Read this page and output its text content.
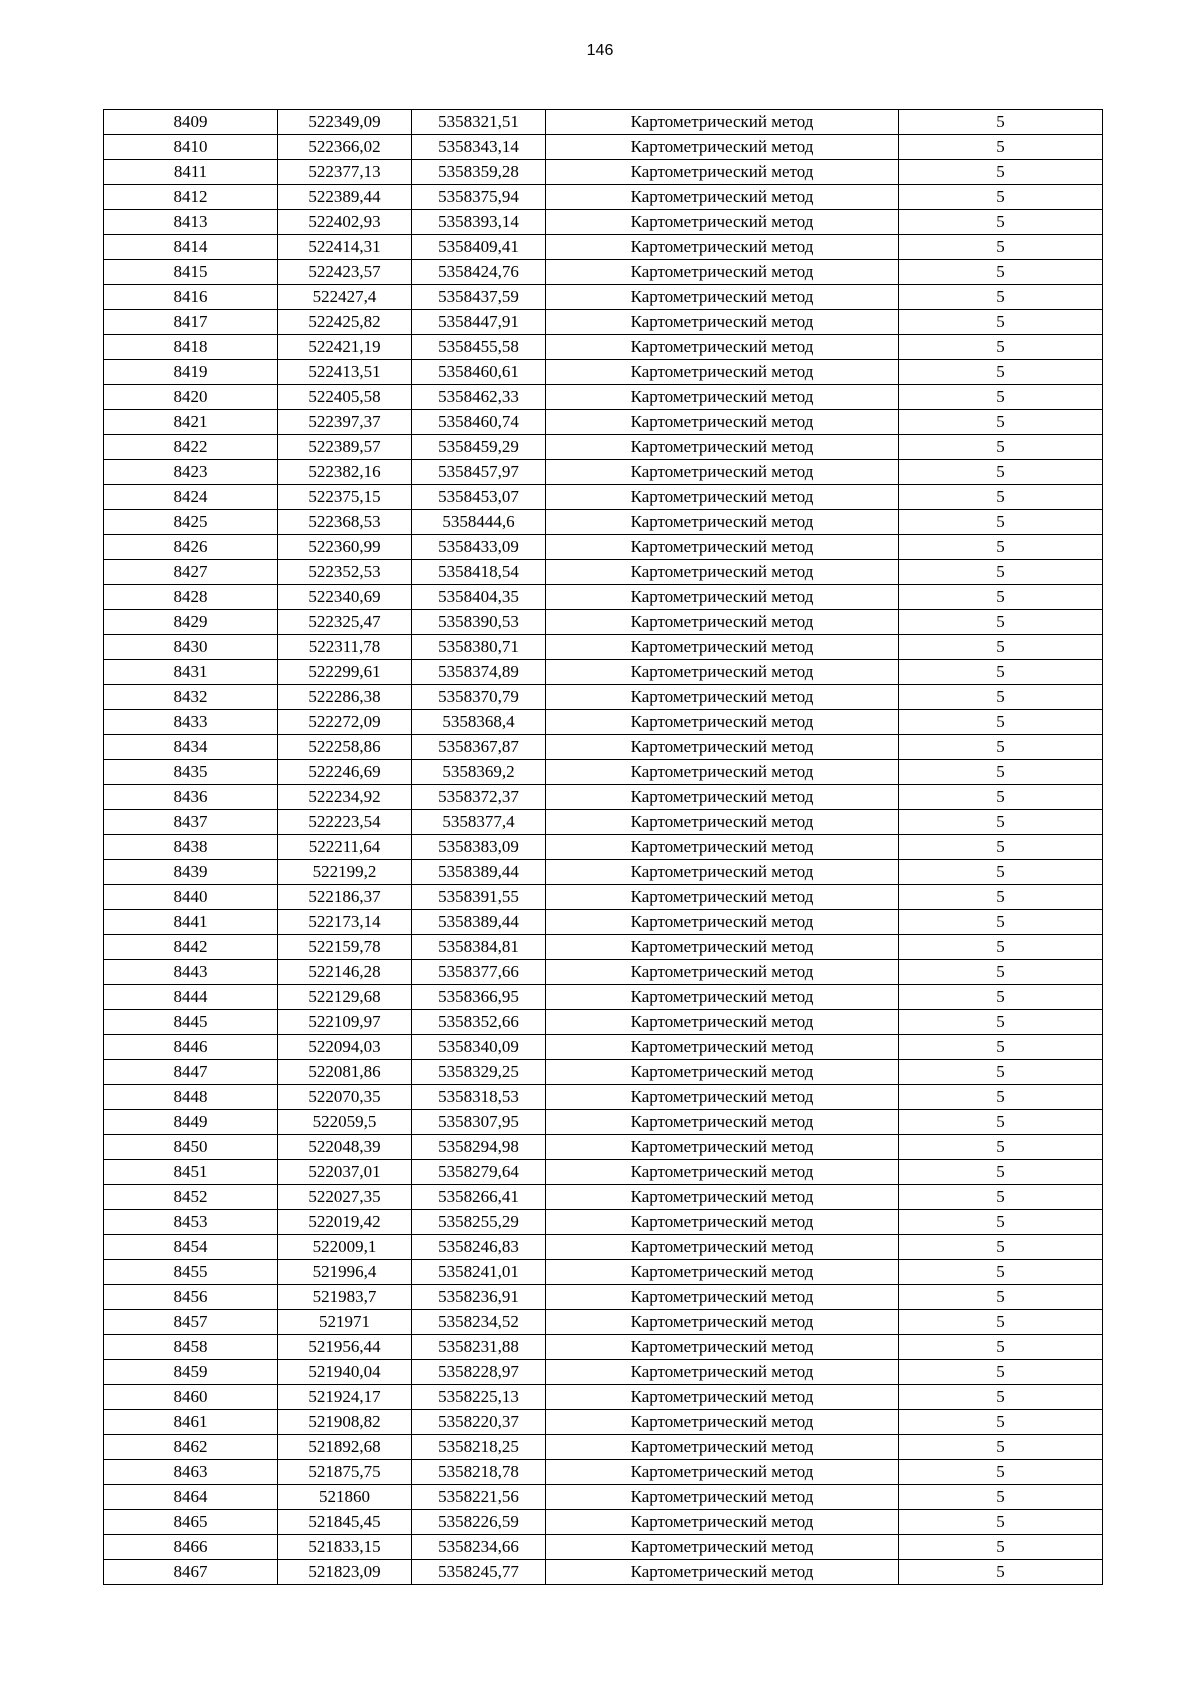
146
8409	522349,09	5358321,51	Картометрический метод	5
8410	522366,02	5358343,14	Картометрический метод	5
8411	522377,13	5358359,28	Картометрический метод	5
8412	522389,44	5358375,94	Картометрический метод	5
8413	522402,93	5358393,14	Картометрический метод	5
8414	522414,31	5358409,41	Картометрический метод	5
8415	522423,57	5358424,76	Картометрический метод	5
8416	522427,4	5358437,59	Картометрический метод	5
8417	522425,82	5358447,91	Картометрический метод	5
8418	522421,19	5358455,58	Картометрический метод	5
8419	522413,51	5358460,61	Картометрический метод	5
8420	522405,58	5358462,33	Картометрический метод	5
8421	522397,37	5358460,74	Картометрический метод	5
8422	522389,57	5358459,29	Картометрический метод	5
8423	522382,16	5358457,97	Картометрический метод	5
8424	522375,15	5358453,07	Картометрический метод	5
8425	522368,53	5358444,6	Картометрический метод	5
8426	522360,99	5358433,09	Картометрический метод	5
8427	522352,53	5358418,54	Картометрический метод	5
8428	522340,69	5358404,35	Картометрический метод	5
8429	522325,47	5358390,53	Картометрический метод	5
8430	522311,78	5358380,71	Картометрический метод	5
8431	522299,61	5358374,89	Картометрический метод	5
8432	522286,38	5358370,79	Картометрический метод	5
8433	522272,09	5358368,4	Картометрический метод	5
8434	522258,86	5358367,87	Картометрический метод	5
8435	522246,69	5358369,2	Картометрический метод	5
8436	522234,92	5358372,37	Картометрический метод	5
8437	522223,54	5358377,4	Картометрический метод	5
8438	522211,64	5358383,09	Картометрический метод	5
8439	522199,2	5358389,44	Картометрический метод	5
8440	522186,37	5358391,55	Картометрический метод	5
8441	522173,14	5358389,44	Картометрический метод	5
8442	522159,78	5358384,81	Картометрический метод	5
8443	522146,28	5358377,66	Картометрический метод	5
8444	522129,68	5358366,95	Картометрический метод	5
8445	522109,97	5358352,66	Картометрический метод	5
8446	522094,03	5358340,09	Картометрический метод	5
8447	522081,86	5358329,25	Картометрический метод	5
8448	522070,35	5358318,53	Картометрический метод	5
8449	522059,5	5358307,95	Картометрический метод	5
8450	522048,39	5358294,98	Картометрический метод	5
8451	522037,01	5358279,64	Картометрический метод	5
8452	522027,35	5358266,41	Картометрический метод	5
8453	522019,42	5358255,29	Картометрический метод	5
8454	522009,1	5358246,83	Картометрический метод	5
8455	521996,4	5358241,01	Картометрический метод	5
8456	521983,7	5358236,91	Картометрический метод	5
8457	521971	5358234,52	Картометрический метод	5
8458	521956,44	5358231,88	Картометрический метод	5
8459	521940,04	5358228,97	Картометрический метод	5
8460	521924,17	5358225,13	Картометрический метод	5
8461	521908,82	5358220,37	Картометрический метод	5
8462	521892,68	5358218,25	Картометрический метод	5
8463	521875,75	5358218,78	Картометрический метод	5
8464	521860	5358221,56	Картометрический метод	5
8465	521845,45	5358226,59	Картометрический метод	5
8466	521833,15	5358234,66	Картометрический метод	5
8467	521823,09	5358245,77	Картометрический метод	5
